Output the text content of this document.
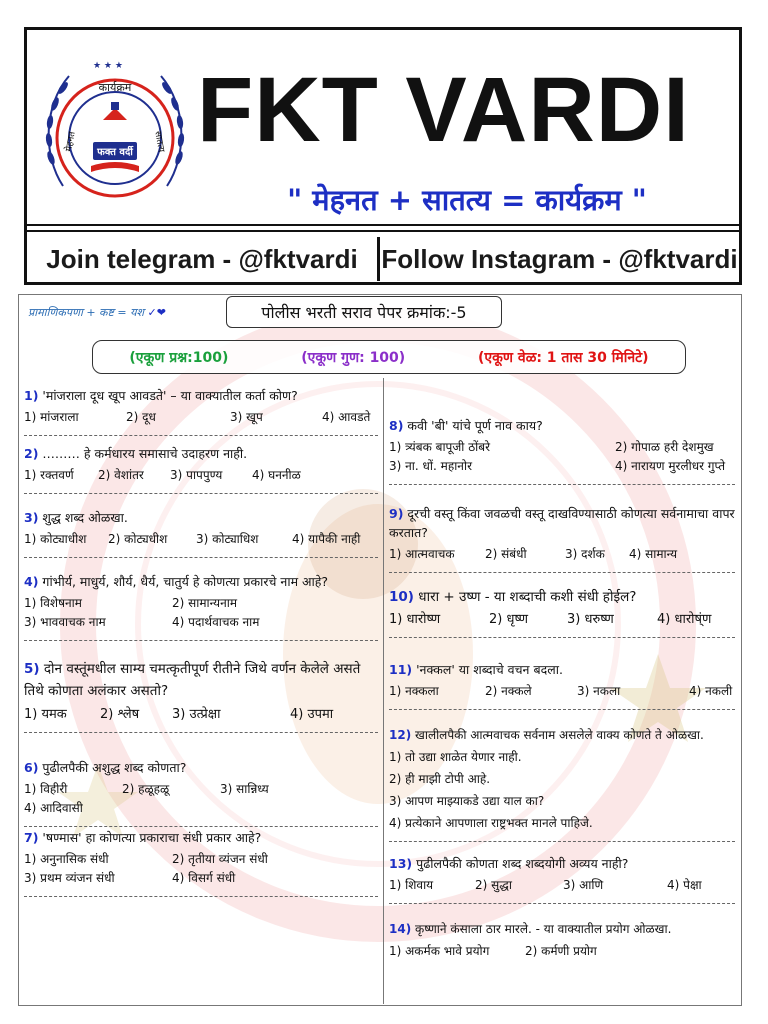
★ ★ ★
कार्यक्रम
मेहनत	सातत्य
फक्त वर्दी FKT VARDI
" मेहनत + सातत्य = कार्यक्रम "
Join telegram - @fktvardi Follow Instagram - @fktvardi
प्रामाणिकपणा + कष्ट = यश ✓❤	पोलीस भरती सराव पेपर क्रमांक:-5
(एकूण प्रश्न:100)	(एकूण गुण: 100)	(एकूण वेळ: 1 तास 30 मिनिटे)
1) 'मांजराला दूध खूप आवडते' – या वाक्यातील कर्ता कोण?
1) मांजराला	2) दूध	3) खूप	4) आवडते
2) ……… हे कर्मधारय समासाचे उदाहरण नाही.
1) रक्तवर्ण	2) वेशांतर	3) पापपुण्य	4) घननीळ
3) शुद्ध शब्द ओळखा.
1) कोट्याधीश	2) कोट्यधीश	3) कोट्याधिश	4) यापैकी नाही
4) गांभीर्य, माधुर्य, शौर्य, धैर्य, चातुर्य हे कोणत्या प्रकारचे नाम आहे?
1) विशेषनाम	2) सामान्यनाम
3) भाववाचक नाम	4) पदार्थवाचक नाम
5) दोन वस्तूंमधील साम्य चमत्कृतीपूर्ण रीतीने जिथे वर्णन केलेले असते तिथे कोणता अलंकार असतो?
1) यमक	2) श्लेष	3) उत्प्रेक्षा	4) उपमा
6) पुढीलपैकी अशुद्ध शब्द कोणता?
1) विहीरी	2) हळूहळू	3) सान्निध्य
4) आदिवासी
7) 'षण्मास' हा कोणत्या प्रकाराचा संधी प्रकार आहे?
1) अनुनासिक संधी	2) तृतीया व्यंजन संधी
3) प्रथम व्यंजन संधी	4) विसर्ग संधी
8) कवी 'बी' यांचे पूर्ण नाव काय?
1) त्र्यंबक बापूजी ठोंबरे	2) गोपाळ हरी देशमुख
3) ना. धों. महानोर	4) नारायण मुरलीधर गुप्ते
9) दूरची वस्तू किंवा जवळची वस्तू दाखविण्यासाठी कोणत्या सर्वनामाचा वापर करतात?
1) आत्मवाचक	2) संबंधी	3) दर्शक	4) सामान्य
10) धारा + उष्ण - या शब्दाची कशी संधी होईल?
1) धारोष्ण	2) धृष्ण	3) धरुष्ण	4) धारोष्ंण
11) 'नक्कल' या शब्दाचे वचन बदला.
1) नक्कला	2) नक्कले	3) नकला	4) नकली
12) खालीलपैकी आत्मवाचक सर्वनाम असलेले वाक्य कोणते ते ओळखा.
1) तो उद्या शाळेत येणार नाही.
2) ही माझी टोपी आहे.
3) आपण माझ्याकडे उद्या याल का?
4) प्रत्येकाने आपणाला राष्ट्रभक्त मानले पाहिजे.
13) पुढीलपैकी कोणता शब्द शब्दयोगी अव्यय नाही?
1) शिवाय	2) सुद्धा	3) आणि	4) पेक्षा
14) कृष्णाने कंसाला ठार मारले. - या वाक्यातील प्रयोग ओळखा.
1) अकर्मक भावे प्रयोग	2) कर्मणी प्रयोग
